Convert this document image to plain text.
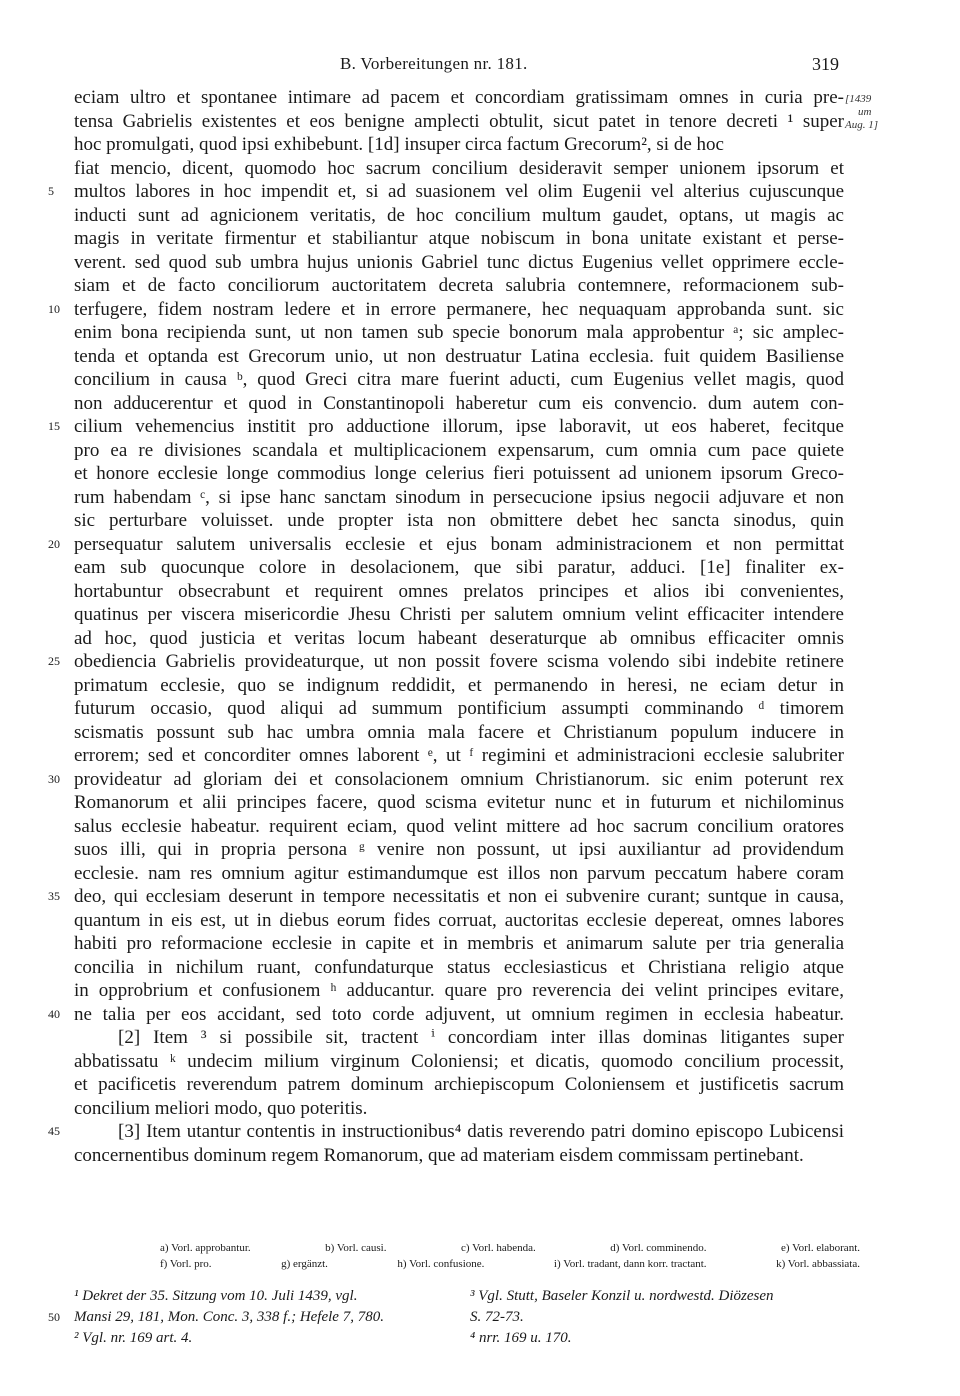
B. Vorbereitungen nr. 181.	319
[1439
um
Aug. 1]
eciam ultro et spontanee intimare ad pacem et concordiam gratissimam omnes in curia pre-
tensa Gabrielis existentes et eos benigne amplecti obtulit, sicut patet in tenore decreti ¹ super
hoc promulgati, quod ipsi exhibebunt. [1d] insuper circa factum Grecorum², si de hoc
fiat mencio, dicent, quomodo hoc sacrum concilium desideravit semper unionem ipsorum et
5	multos labores in hoc impendit et, si ad suasionem vel olim Eugenii vel alterius cujuscunque
inducti sunt ad agnicionem veritatis, de hoc concilium multum gaudet, optans, ut magis ac
magis in veritate firmentur et stabiliantur atque nobiscum in bona unitate existant et perse-
verent. sed quod sub umbra hujus unionis Gabriel tunc dictus Eugenius vellet opprimere eccle-
siam et de facto conciliorum auctoritatem decreta salubria contemnere, reformacionem sub-
10 terfugere, fidem nostram ledere et in errore permanere, hec nequaquam approbanda sunt. sic
enim bona recipienda sunt, ut non tamen sub specie bonorum mala approbentur ᵃ; sic amplec-
tenda et optanda est Grecorum unio, ut non destruatur Latina ecclesia. fuit quidem Basiliense
concilium in causa ᵇ, quod Greci citra mare fuerint aducti, cum Eugenius vellet magis, quod
non adducerentur et quod in Constantinopoli haberetur cum eis convencio. dum autem con-
15 cilium vehemencius institit pro adductione illorum, ipse laboravit, ut eos haberet, fecitque
pro ea re divisiones scandala et multiplicacionem expensarum, cum omnia cum pace quiete
et honore ecclesie longe commodius longe celerius fieri potuissent ad unionem ipsorum Greco-
rum habendam ᶜ, si ipse hanc sanctam sinodum in persecucione ipsius negocii adjuvare et non
sic perturbare voluisset. unde propter ista non obmittere debet hec sancta sinodus, quin
20 persequatur salutem universalis ecclesie et ejus bonam administracionem et non permittat
eam sub quocunque colore in desolacionem, que sibi paratur, adduci. [1e] finaliter ex-
hortabuntur obsecrabunt et requirent omnes prelatos principes et alios ibi convenientes,
quatinus per viscera misericordie Jhesu Christi per salutem omnium velint efficaciter intendere
ad hoc, quod justicia et veritas locum habeant deseraturque ab omnibus efficaciter omnis
25 obediencia Gabrielis provideaturque, ut non possit fovere scisma volendo sibi indebite retinere
primatum ecclesie, quo se indignum reddidit, et permanendo in heresi, ne eciam detur in
futurum occasio, quod aliqui ad summum pontificium assumpti comminando ᵈ timorem
scismatis possunt sub hac umbra omnia mala facere et Christianum populum inducere in
errorem; sed et concorditer omnes laborent ᵉ, ut ᶠ regimini et administracioni ecclesie salubriter
30 provideatur ad gloriam dei et consolacionem omnium Christianorum. sic enim poterunt rex
Romanorum et alii principes facere, quod scisma evitetur nunc et in futurum et nichilominus
salus ecclesie habeatur. requirent eciam, quod velint mittere ad hoc sacrum concilium oratores
suos illi, qui in propria persona ᵍ venire non possunt, ut ipsi auxiliantur ad providendum
ecclesie. nam res omnium agitur estimandumque est illos non parvum peccatum habere coram
35 deo, qui ecclesiam deserunt in tempore necessitatis et non ei subvenire curant; suntque in causa,
quantum in eis est, ut in diebus eorum fides corruat, auctoritas ecclesie depereat, omnes labores
habiti pro reformacione ecclesie in capite et in membris et animarum salute per tria generalia
concilia in nichilum ruant, confundaturque status ecclesiasticus et Christiana religio atque
in opprobrium et confusionem ʰ adducantur. quare pro reverencia dei velint principes evitare,
40 ne talia per eos accidant, sed toto corde adjuvent, ut omnium regimen in ecclesia habeatur.
[2] Item ³ si possibile sit, tractent ⁱ concordiam inter illas dominas litigantes super
abbatissatu ᵏ undecim milium virginum Coloniensi; et dicatis, quomodo concilium processit,
et pacificetis reverendum patrem dominum archiepiscopum Coloniensem et justificetis sacrum
concilium meliori modo, quo poteritis.
45	[3] Item utantur contentis in instructionibus⁴ datis reverendo patri domino episcopo Lubicensi
concernentibus dominum regem Romanorum, que ad materiam eisdem commissam pertinebant.
a) Vorl. approbantur.	b) Vorl. causi.	c) Vorl. habenda.	d) Vorl. comminendo.	e) Vorl. elaborant.
f) Vorl. pro.	g) ergänzt.	h) Vorl. confusione.	i) Vorl. tradant, dann korr. tractant.	k) Vorl. abbassiata.
50
¹ Dekret der 35. Sitzung vom 10. Juli 1439, vgl.
Mansi 29, 181, Mon. Conc. 3, 338 f.; Hefele 7, 780.
² Vgl. nr. 169 art. 4.
³ Vgl. Stutt, Baseler Konzil u. nordwestd. Diözesen
S. 72-73.
⁴ nrr. 169 u. 170.
